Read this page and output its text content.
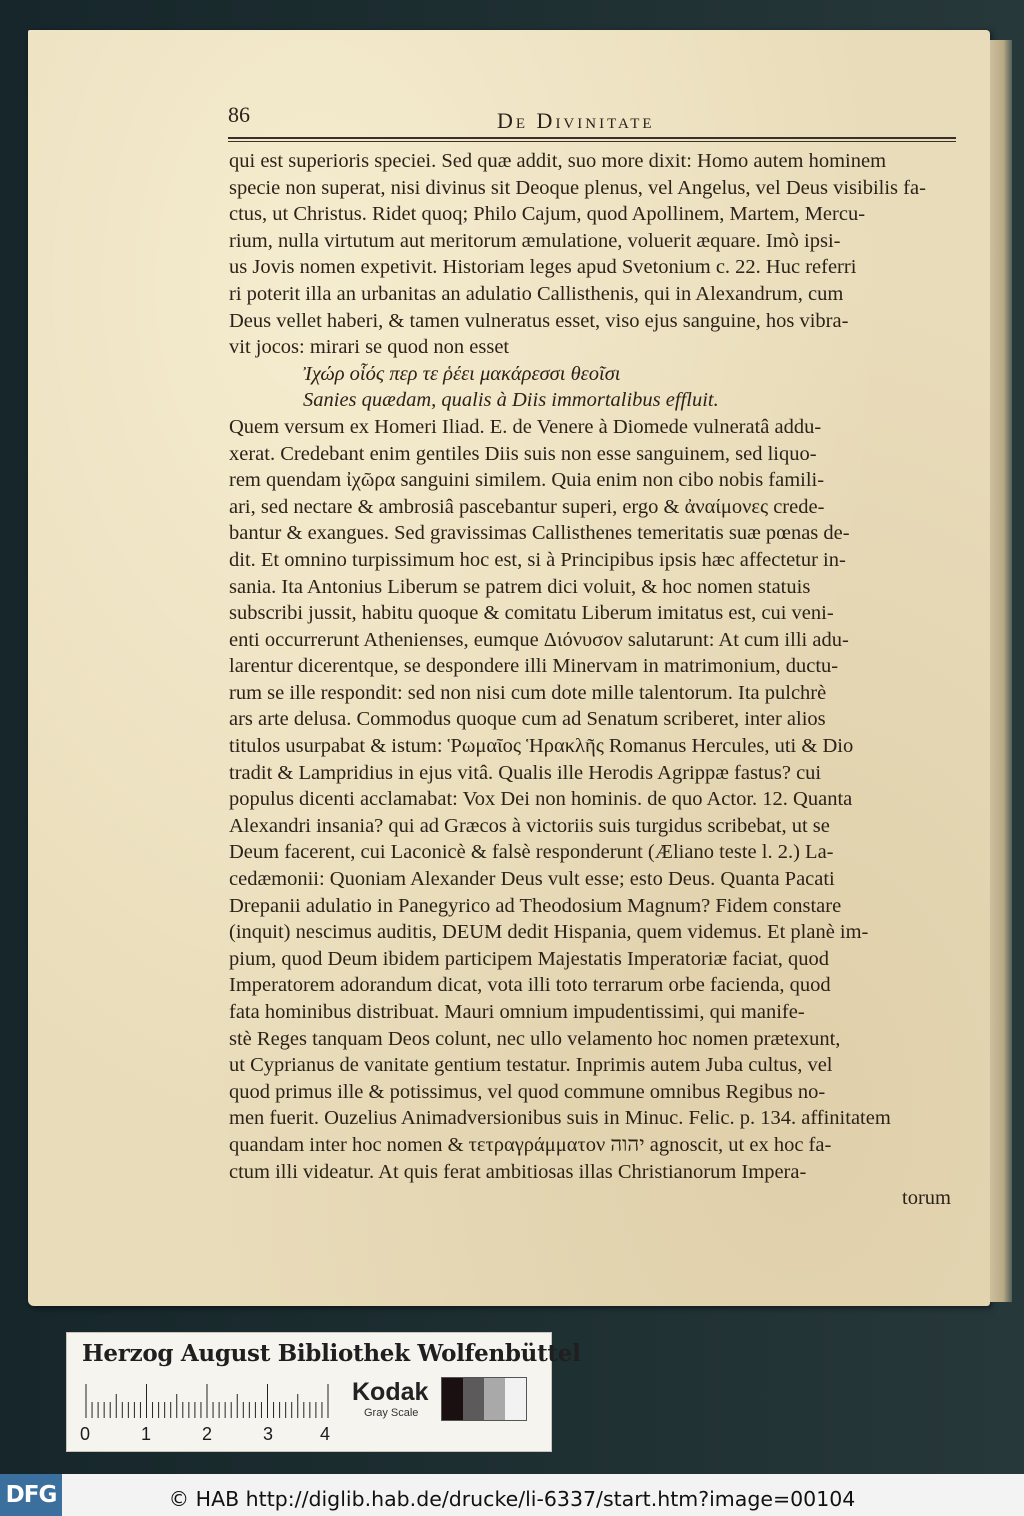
86	De Divinitate
qui est superioris speciei. Sed quæ addit, suo more dixit: Homo autem hominem
specie non superat, nisi divinus sit Deoque plenus, vel Angelus, vel Deus visibilis fa-
ctus, ut Christus. Ridet quoq; Philo Cajum, quod Apollinem, Martem, Mercu-
rium, nulla virtutum aut meritorum æmulatione, voluerit æquare. Imò ipsi-
us Jovis nomen expetivit. Historiam leges apud Svetonium c. 22. Huc referri
ri poterit illa an urbanitas an adulatio Callisthenis, qui in Alexandrum, cum
Deus vellet haberi, & tamen vulneratus esset, viso ejus sanguine, hos vibra-
vit jocos: mirari se quod non esset
Ἰχώρ οἷός περ τε ῥέει μακάρεσσι θεοῖσι
Sanies quædam, qualis à Diis immortalibus effluit.
Quem versum ex Homeri Iliad. E. de Venere à Diomede vulneratâ addu-
xerat. Credebant enim gentiles Diis suis non esse sanguinem, sed liquo-
rem quendam ἰχῶρα sanguini similem. Quia enim non cibo nobis famili-
ari, sed nectare & ambrosiâ pascebantur superi, ergo & ἀναίμονες crede-
bantur & exangues. Sed gravissimas Callisthenes temeritatis suæ pœnas de-
dit. Et omnino turpissimum hoc est, si à Principibus ipsis hæc affectetur in-
sania. Ita Antonius Liberum se patrem dici voluit, & hoc nomen statuis
subscribi jussit, habitu quoque & comitatu Liberum imitatus est, cui veni-
enti occurrerunt Athenienses, eumque Διόνυσον salutarunt: At cum illi adu-
larentur dicerentque, se despondere illi Minervam in matrimonium, ductu-
rum se ille respondit: sed non nisi cum dote mille talentorum. Ita pulchrè
ars arte delusa. Commodus quoque cum ad Senatum scriberet, inter alios
titulos usurpabat & istum: Ῥωμαῖος Ἡρακλῆς Romanus Hercules, uti & Dio
tradit & Lampridius in ejus vitâ. Qualis ille Herodis Agrippæ fastus? cui
populus dicenti acclamabat: Vox Dei non hominis. de quo Actor. 12. Quanta
Alexandri insania? qui ad Græcos à victoriis suis turgidus scribebat, ut se
Deum facerent, cui Laconicè & falsè responderunt (Æliano teste l. 2.) La-
cedæmonii: Quoniam Alexander Deus vult esse; esto Deus. Quanta Pacati
Drepanii adulatio in Panegyrico ad Theodosium Magnum? Fidem constare
(inquit) nescimus auditis, DEUM dedit Hispania, quem videmus. Et planè im-
pium, quod Deum ibidem participem Majestatis Imperatoriæ faciat, quod
Imperatorem adorandum dicat, vota illi toto terrarum orbe facienda, quod
fata hominibus distribuat. Mauri omnium impudentissimi, qui manife-
stè Reges tanquam Deos colunt, nec ullo velamento hoc nomen prætexunt,
ut Cyprianus de vanitate gentium testatur. Inprimis autem Juba cultus, vel
quod primus ille & potissimus, vel quod commune omnibus Regibus no-
men fuerit. Ouzelius Animadversionibus suis in Minuc. Felic. p. 134. affinitatem
quandam inter hoc nomen & τετραγράμματον יהוה agnoscit, ut ex hoc fa-
ctum illi videatur. At quis ferat ambitiosas illas Christianorum Impera-
torum
Herzog August Bibliothek Wolfenbüttel
0	1	2	3	4
Kodak
Gray Scale
DFG	© HAB http://diglib.hab.de/drucke/li-6337/start.htm?image=00104
